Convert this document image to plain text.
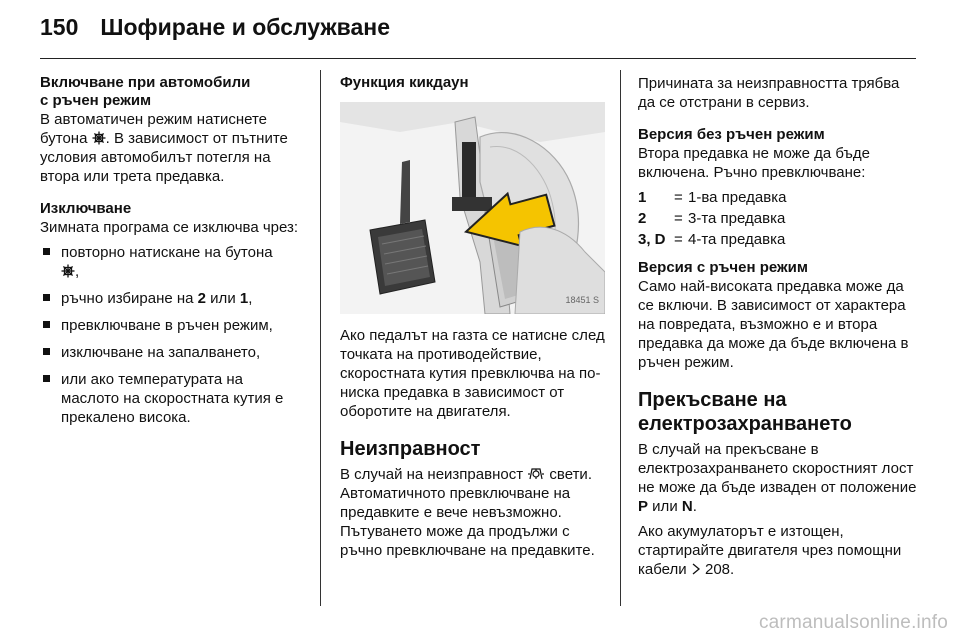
150 Шофиране и обслужване
Включване при автомобили
с ръчен режим

В автоматичен режим натиснете бутона . В зависимост от пътните условия автомобилът потегля на втора или трета предавка.

Изключване

Зимната програма се изключва чрез:

повторно натискане на бутона
,
ръчно избиране на 2 или 1,
превключване в ръчен режим,
изключване на запалването,
или ако температурата на маслото на скоростната кутия е прекалено висока.
Функция кикдаун
18451 S

Ако педалът на газта се натисне след точката на противодействие, скоростната кутия превключва на по-ниска предавка в зависимост от оборотите на двигателя.

Неизправност

В случай на неизправност свети. Автоматичното превключване на предавките е вече невъзможно. Пътуването може да продължи с ръчно превключване на предавките.

Причината за неизправността трябва да се отстрани в сервиз.

Версия без ръчен режим

Втора предавка не може да бъде включена. Ръчно превключване:

1	= 1-ва предавка
2	= 3-та предавка
3, D = 4-та предавка
Версия с ръчен режим

Само най-високата предавка може да се включи. В зависимост от характера на повредата, възможно е и втора предавка да може да бъде включена в ръчен режим.

Прекъсване на
електрозахранването

В случай на прекъсване в електрозахранването скоростният лост не може да бъде изваден от положение P или N.

Ако акумулаторът е изтощен, стартирайте двигателя чрез помощни кабели  208.

carmanualsonline.info
